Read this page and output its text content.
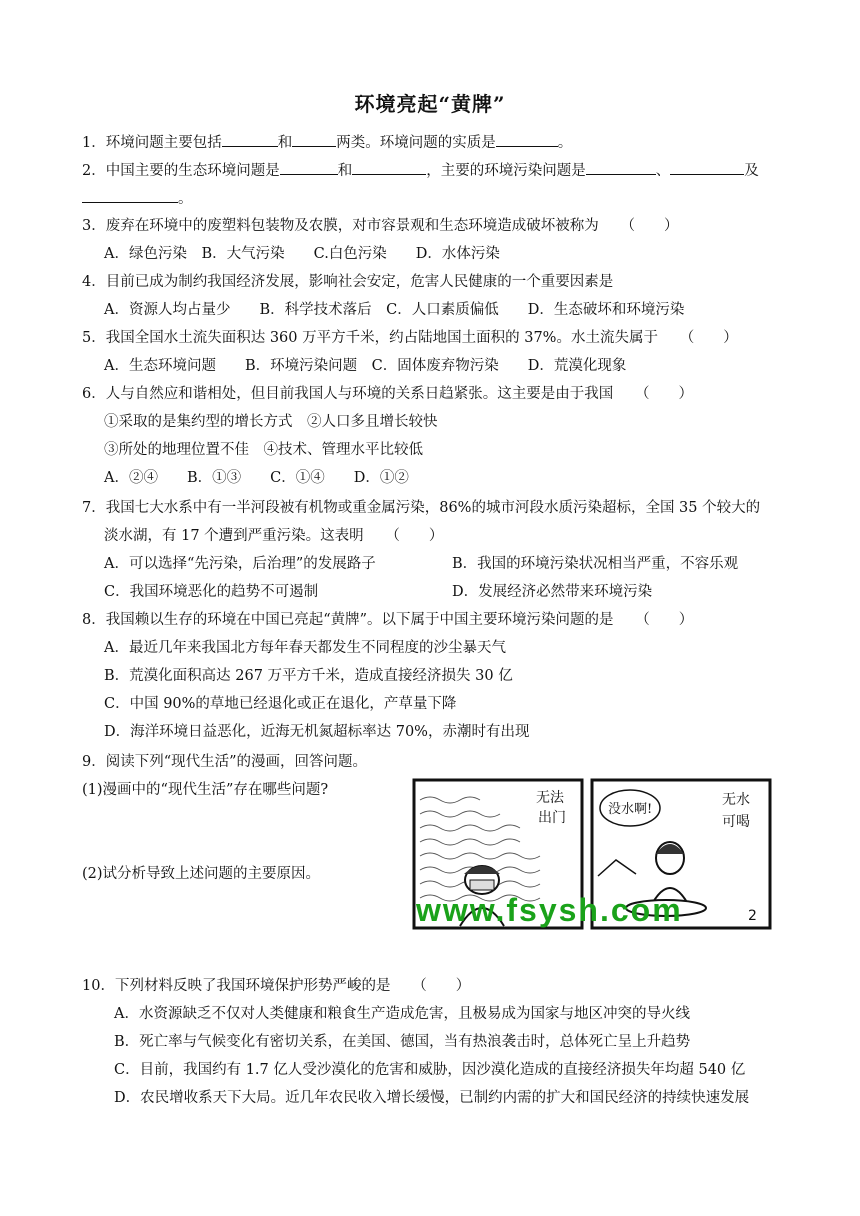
环境亮起“黄牌”
1．环境问题主要包括	和	两类。环境问题的实质是	。
2．中国主要的生态环境问题是	和	，主要的环境污染问题是	、	及
。
3．废弃在环境中的废塑料包装物及农膜，对市容景观和生态环境造成破坏被称为　　（　　）
A．绿色污染　B．大气污染　　C.白色污染　　D．水体污染
4．目前已成为制约我国经济发展，影响社会安定，危害人民健康的一个重要因素是
A．资源人均占量少　　B．科学技术落后　C．人口素质偏低　　D．生态破坏和环境污染
5．我国全国水土流失面积达 360 万平方千米，约占陆地国土面积的 37%。水土流失属于　　（　　）
A．生态环境问题　　B．环境污染问题　C．固体废弃物污染　　D．荒漠化现象
6．人与自然应和谐相处，但目前我国人与环境的关系日趋紧张。这主要是由于我国　　（　　）
①采取的是集约型的增长方式　②人口多且增长较快
③所处的地理位置不佳　④技术、管理水平比较低
A．②④　　B．①③　　C．①④　　D．①②
7．我国七大水系中有一半河段被有机物或重金属污染，86%的城市河段水质污染超标，全国 35 个较大的
淡水湖，有 17 个遭到严重污染。这表明　　（　　）
A．可以选择“先污染，后治理”的发展路子	B．我国的环境污染状况相当严重，不容乐观
C．我国环境恶化的趋势不可遏制	D．发展经济必然带来环境污染
8．我国赖以生存的环境在中国已亮起“黄牌”。以下属于中国主要环境污染问题的是　　（　　）
A．最近几年来我国北方每年春天都发生不同程度的沙尘暴天气
B．荒漠化面积高达 267 万平方千米，造成直接经济损失 30 亿
C．中国 90%的草地已经退化或正在退化，产草量下降
D．海洋环境日益恶化，近海无机氮超标率达 70%，赤潮时有出现
9．阅读下列“现代生活”的漫画，回答问题。
(1)漫画中的“现代生活”存在哪些问题?
(2)试分析导致上述问题的主要原因。
无法
出门
没水啊!
无水
可喝
2
www.fsysh.com
10．下列材料反映了我国环境保护形势严峻的是　　（　　）
A．水资源缺乏不仅对人类健康和粮食生产造成危害，且极易成为国家与地区冲突的导火线
B．死亡率与气候变化有密切关系，在美国、德国，当有热浪袭击时，总体死亡呈上升趋势
C．目前，我国约有 1.7 亿人受沙漠化的危害和威胁，因沙漠化造成的直接经济损失年均超 540 亿
D．农民增收系天下大局。近几年农民收入增长缓慢，已制约内需的扩大和国民经济的持续快速发展
